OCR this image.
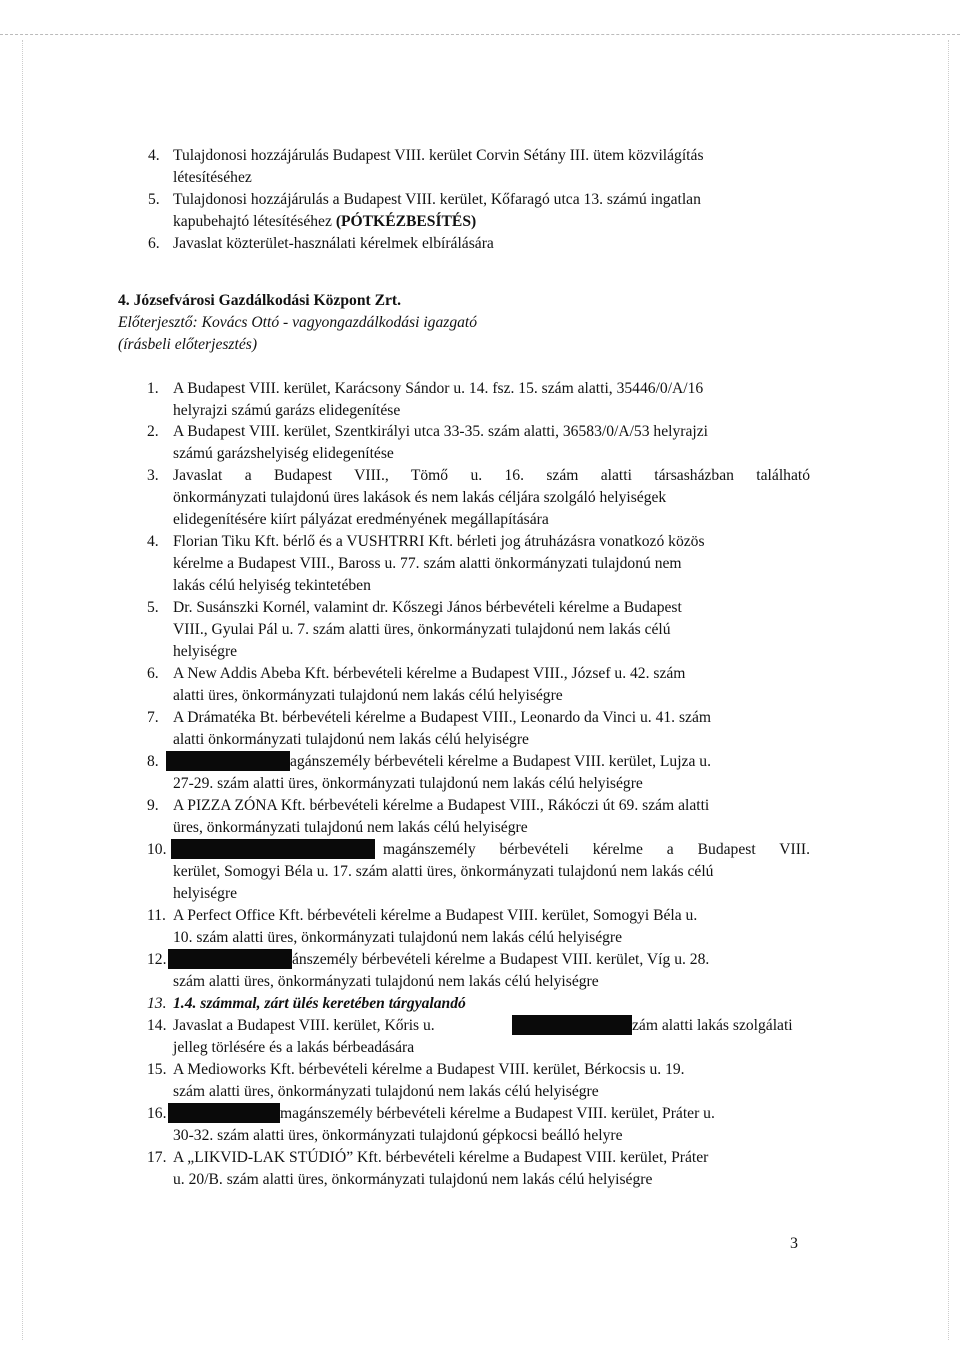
4. Tulajdonosi hozzájárulás Budapest VIII. kerület Corvin Sétány III. ütem közvilágítás
létesítéséhez
5. Tulajdonosi hozzájárulás a Budapest VIII. kerület, Kőfaragó utca 13. számú ingatlan
kapubehajtó létesítéséhez (PÓTKÉZBESÍTÉS)
6. Javaslat közterület-használati kérelmek elbírálására
4. Józsefvárosi Gazdálkodási Központ Zrt.
Előterjesztő: Kovács Ottó - vagyongazdálkodási igazgató
(írásbeli előterjesztés)
1. A Budapest VIII. kerület, Karácsony Sándor u. 14. fsz. 15. szám alatti, 35446/0/A/16
helyrajzi számú garázs elidegenítése
2. A Budapest VIII. kerület, Szentkirályi utca 33-35. szám alatti, 36583/0/A/53 helyrajzi
számú garázshelyiség elidegenítése
3. Javaslat a Budapest VIII., Tömő u. 16. szám alatti társasházban található
önkormányzati tulajdonú üres lakások és nem lakás céljára szolgáló helyiségek
elidegenítésére kiírt pályázat eredményének megállapítására
4. Florian Tiku Kft. bérlő és a VUSHTRRI Kft. bérleti jog átruházásra vonatkozó közös
kérelme a Budapest VIII., Baross u. 77. szám alatti önkormányzati tulajdonú nem
lakás célú helyiség tekintetében
5. Dr. Susánszki Kornél, valamint dr. Kőszegi János bérbevételi kérelme a Budapest
VIII., Gyulai Pál u. 7. szám alatti üres, önkormányzati tulajdonú nem lakás célú
helyiségre
6. A New Addis Abeba Kft. bérbevételi kérelme a Budapest VIII., József u. 42. szám
alatti üres, önkormányzati tulajdonú nem lakás célú helyiségre
7. A Drámatéka Bt. bérbevételi kérelme a Budapest VIII., Leonardo da Vinci u. 41. szám
alatti önkormányzati tulajdonú nem lakás célú helyiségre
8.	agánszemély bérbevételi kérelme a Budapest VIII. kerület, Lujza u.
27-29. szám alatti üres, önkormányzati tulajdonú nem lakás célú helyiségre
9. A PIZZA ZÓNA Kft. bérbevételi kérelme a Budapest VIII., Rákóczi út 69. szám alatti
üres, önkormányzati tulajdonú nem lakás célú helyiségre
10.	magánszemély bérbevételi kérelme a Budapest VIII.
kerület, Somogyi Béla u. 17. szám alatti üres, önkormányzati tulajdonú nem lakás célú
helyiségre
11. A Perfect Office Kft. bérbevételi kérelme a Budapest VIII. kerület, Somogyi Béla u.
10. szám alatti üres, önkormányzati tulajdonú nem lakás célú helyiségre
12.	ánszemély bérbevételi kérelme a Budapest VIII. kerület, Víg u. 28.
szám alatti üres, önkormányzati tulajdonú nem lakás célú helyiségre
13. 1.4. számmal, zárt ülés keretében tárgyalandó
14. Javaslat a Budapest VIII. kerület, Kőris u.	zám alatti lakás szolgálati
jelleg törlésére és a lakás bérbeadására
15. A Medioworks Kft. bérbevételi kérelme a Budapest VIII. kerület, Bérkocsis u. 19.
szám alatti üres, önkormányzati tulajdonú nem lakás célú helyiségre
16.	magánszemély bérbevételi kérelme a Budapest VIII. kerület, Práter u.
30-32. szám alatti üres, önkormányzati tulajdonú gépkocsi beálló helyre
17. A „LIKVID-LAK STÚDIÓ” Kft. bérbevételi kérelme a Budapest VIII. kerület, Práter
u. 20/B. szám alatti üres, önkormányzati tulajdonú nem lakás célú helyiségre
3
